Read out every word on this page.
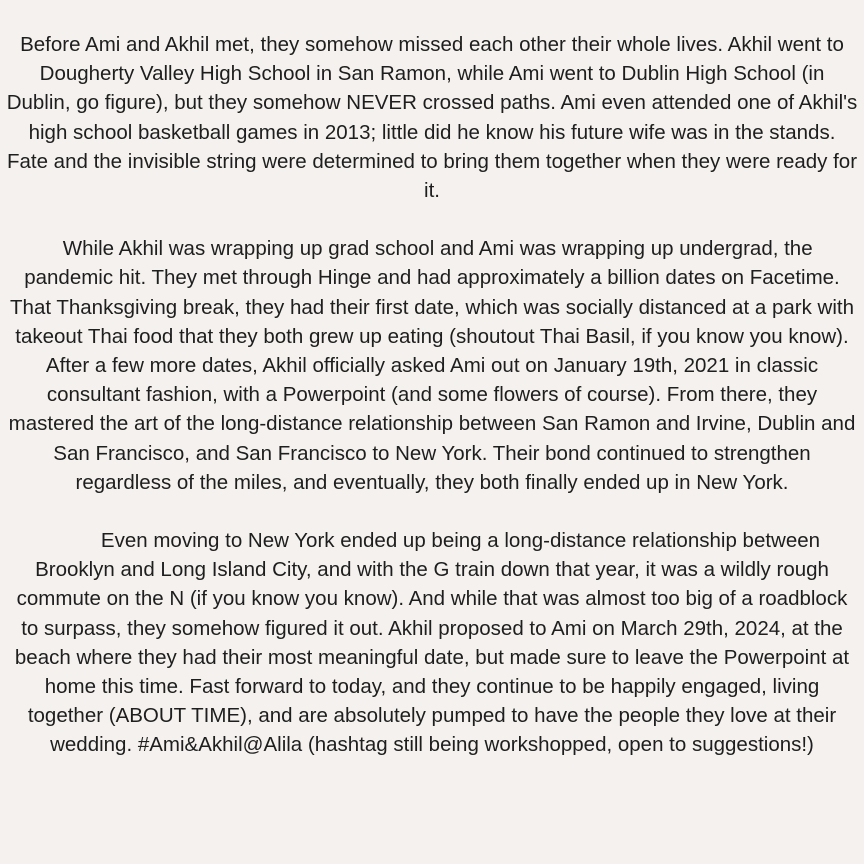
Before Ami and Akhil met, they somehow missed each other their whole lives. Akhil went to Dougherty Valley High School in San Ramon, while Ami went to Dublin High School (in Dublin, go figure), but they somehow NEVER crossed paths. Ami even attended one of Akhil's high school basketball games in 2013; little did he know his future wife was in the stands. Fate and the invisible string were determined to bring them together when they were ready for it.

While Akhil was wrapping up grad school and Ami was wrapping up undergrad, the pandemic hit. They met through Hinge and had approximately a billion dates on Facetime. That Thanksgiving break, they had their first date, which was socially distanced at a park with takeout Thai food that they both grew up eating (shoutout Thai Basil, if you know you know). After a few more dates, Akhil officially asked Ami out on January 19th, 2021 in classic consultant fashion, with a Powerpoint (and some flowers of course). From there, they mastered the art of the long-distance relationship between San Ramon and Irvine, Dublin and San Francisco, and San Francisco to New York. Their bond continued to strengthen regardless of the miles, and eventually, they both finally ended up in New York.

Even moving to New York ended up being a long-distance relationship between Brooklyn and Long Island City, and with the G train down that year, it was a wildly rough commute on the N (if you know you know). And while that was almost too big of a roadblock to surpass, they somehow figured it out. Akhil proposed to Ami on March 29th, 2024, at the beach where they had their most meaningful date, but made sure to leave the Powerpoint at home this time. Fast forward to today, and they continue to be happily engaged, living together (ABOUT TIME), and are absolutely pumped to have the people they love at their wedding. #Ami&Akhil@Alila (hashtag still being workshopped, open to suggestions!)
